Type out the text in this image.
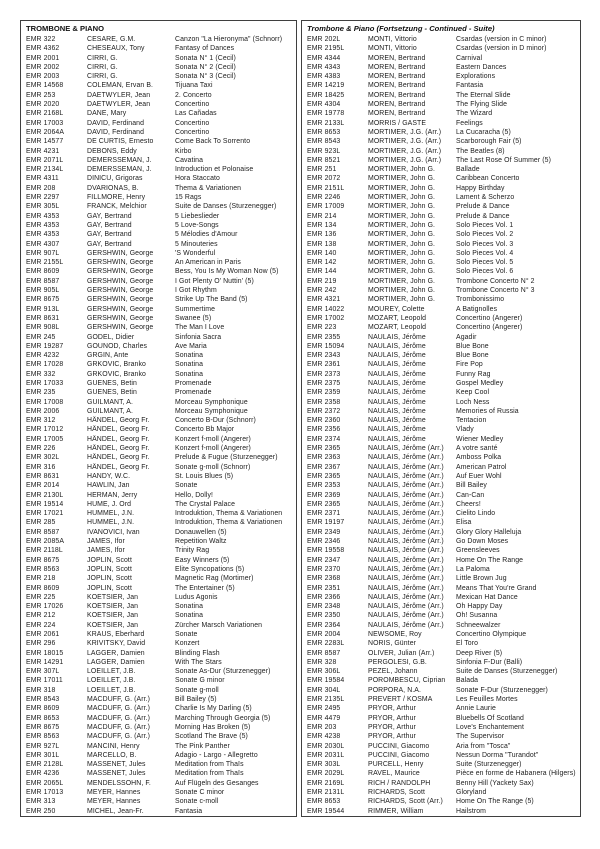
TROMBONE & PIANO
EMR 322	CESARE, G.M.	Canzon "La Hieronyma" (Schnorr)
EMR 4362	CHESEAUX, Tony	Fantasy of Dances
EMR 2001	CIRRI, G.	Sonata N° 1 (Cecil)
EMR 2002	CIRRI, G.	Sonata N° 2 (Cecil)
EMR 2003	CIRRI, G.	Sonata N° 3 (Cecil)
EMR 14568	COLEMAN, Ervan B.	Tijuana Taxi
EMR 253	DAETWYLER, Jean	2. Concerto
EMR 2020	DAETWYLER, Jean	Concertino
EMR 2168L	DANE, Mary	Las Cañadas
EMR 17003	DAVID, Ferdinand	Concertino
EMR 2064A	DAVID, Ferdinand	Concertino
EMR 14577	DE CURTIS, Ernesto	Come Back To Sorrento
EMR 4231	DEBONS, Eddy	Kirbo
EMR 2071L	DEMERSSEMAN, J.	Cavatina
EMR 2134L	DEMERSSEMAN, J.	Introduction et Polonaise
EMR 4311	DINICU, Grigoras	Hora Staccato
EMR 208	DVARIONAS, B.	Thema & Variationen
EMR 2297	FILLMORE, Henry	15 Rags
EMR 305L	FRANCK, Melchior	Suite de Danses (Sturzenegger)
EMR 4353	GAY, Bertrand	5 Liebeslieder
EMR 4353	GAY, Bertrand	5 Love-Songs
EMR 4353	GAY, Bertrand	5 Mélodies d'Amour
EMR 4307	GAY, Bertrand	5 Minouteries
EMR 907L	GERSHWIN, George	'S Wonderful
EMR 2155L	GERSHWIN, George	An American in Paris
EMR 8609	GERSHWIN, George	Bess, You Is My Woman Now (5)
EMR 8587	GERSHWIN, George	I Got Plenty O' Nuttin' (5)
EMR 905L	GERSHWIN, George	I Got Rhythm
EMR 8675	GERSHWIN, George	Strike Up The Band (5)
EMR 913L	GERSHWIN, George	Summertime
EMR 8631	GERSHWIN, George	Swanee (5)
EMR 908L	GERSHWIN, George	The Man I Love
EMR 245	GODEL, Didier	Sinfonia Sacra
EMR 19287	GOUNOD, Charles	Ave Maria
EMR 4232	GRGIN, Ante	Sonatina
EMR 17028	GRKOVIC, Branko	Sonatina
EMR 332	GRKOVIC, Branko	Sonatina
EMR 17033	GUENES, Betin	Promenade
EMR 235	GUENES, Betin	Promenade
EMR 17008	GUILMANT, A.	Morceau Symphonique
EMR 2006	GUILMANT, A.	Morceau Symphonique
EMR 312	HÄNDEL, Georg Fr.	Concerto B-Dur (Schnorr)
EMR 17012	HÄNDEL, Georg Fr.	Concerto Bb Major
EMR 17005	HÄNDEL, Georg Fr.	Konzert f-moll (Angerer)
EMR 226	HÄNDEL, Georg Fr.	Konzert f-moll (Angerer)
EMR 302L	HÄNDEL, Georg Fr.	Prelude & Fugue (Sturzenegger)
EMR 316	HÄNDEL, Georg Fr.	Sonate g-moll (Schnorr)
EMR 8631	HANDY, W.C.	St. Louis Blues (5)
EMR 2014	HAWLIN, Jan	Sonate
EMR 2130L	HERMAN, Jerry	Hello, Dolly!
EMR 19514	HUME, J. Ord	The Crystal Palace
EMR 17021	HUMMEL, J.N.	Introduktion, Thema & Variationen
EMR 285	HUMMEL, J.N.	Introduktion, Thema & Variationen
EMR 8587	IVANOVICI, Ivan	Donauwellen (5)
EMR 2085A	JAMES, Ifor	Repetition Waltz
EMR 2118L	JAMES, Ifor	Trinity Rag
EMR 8675	JOPLIN, Scott	Easy Winners (5)
EMR 8563	JOPLIN, Scott	Elite Syncopations (5)
EMR 218	JOPLIN, Scott	Magnetic Rag (Mortimer)
EMR 8609	JOPLIN, Scott	The Entertainer (5)
EMR 225	KOETSIER, Jan	Ludus Agonis
EMR 17026	KOETSIER, Jan	Sonatina
EMR 212	KOETSIER, Jan	Sonatina
EMR 224	KOETSIER, Jan	Zürcher Marsch Variationen
EMR 2061	KRAUS, Eberhard	Sonate
EMR 296	KRIVITSKY, David	Konzert
EMR 18015	LAGGER, Damien	Blinding Flash
EMR 14291	LAGGER, Damien	With The Stars
EMR 307L	LOEILLET, J.B.	Sonate As-Dur (Sturzenegger)
EMR 17011	LOEILLET, J.B.	Sonate G minor
EMR 318	LOEILLET, J.B.	Sonate g-moll
EMR 8543	MACDUFF, G. (Arr.)	Bill Bailey (5)
EMR 8609	MACDUFF, G. (Arr.)	Charlie Is My Darling (5)
EMR 8653	MACDUFF, G. (Arr.)	Marching Through Georgia (5)
EMR 8675	MACDUFF, G. (Arr.)	Morning Has Broken (5)
EMR 8563	MACDUFF, G. (Arr.)	Scotland The Brave (5)
EMR 927L	MANCINI, Henry	The Pink Panther
EMR 301L	MARCELLO, B.	Adagio - Largo - Allegretto
EMR 2128L	MASSENET, Jules	Meditation from Thaïs
EMR 4236	MASSENET, Jules	Meditation from Thaïs
EMR 2065L	MENDELSSOHN, F.	Auf Flügeln des Gesanges
EMR 17013	MEYER, Hannes	Sonate C minor
EMR 313	MEYER, Hannes	Sonate c-moll
EMR 250	MICHEL, Jean-Fr.	Fantasia
Trombone & Piano (Fortsetzung - Continued - Suite)
EMR 202L	MONTI, Vittorio	Csardas (version in C minor)
EMR 2195L	MONTI, Vittorio	Csardas (version in D minor)
EMR 4344	MOREN, Bertrand	Carnival
EMR 4343	MOREN, Bertrand	Eastern Dances
EMR 4383	MOREN, Bertrand	Explorations
EMR 14219	MOREN, Bertrand	Fantasia
EMR 18425	MOREN, Bertrand	The Eternal Slide
EMR 4304	MOREN, Bertrand	The Flying Slide
EMR 19778	MOREN, Bertrand	The Wizard
EMR 2133L	MORRIS / GASTE	Feelings
EMR 8653	MORTIMER, J.G. (Arr.)	La Cucaracha (5)
EMR 8543	MORTIMER, J.G. (Arr.)	Scarborough Fair (5)
EMR 923L	MORTIMER, J.G. (Arr.)	The Beatles (8)
EMR 8521	MORTIMER, J.G. (Arr.)	The Last Rose Of Summer (5)
EMR 251	MORTIMER, John G.	Ballade
EMR 2072	MORTIMER, John G.	Caribbean Concerto
EMR 2151L	MORTIMER, John G.	Happy Birthday
EMR 2246	MORTIMER, John G.	Lament & Scherzo
EMR 17009	MORTIMER, John G.	Prelude & Dance
EMR 214	MORTIMER, John G.	Prelude & Dance
EMR 134	MORTIMER, John G.	Solo Pieces Vol. 1
EMR 136	MORTIMER, John G.	Solo Pieces Vol. 2
EMR 138	MORTIMER, John G.	Solo Pieces Vol. 3
EMR 140	MORTIMER, John G.	Solo Pieces Vol. 4
EMR 142	MORTIMER, John G.	Solo Pieces Vol. 5
EMR 144	MORTIMER, John G.	Solo Pieces Vol. 6
EMR 219	MORTIMER, John G.	Trombone Concerto N° 2
EMR 242	MORTIMER, John G.	Trombone Concerto N° 3
EMR 4321	MORTIMER, John G.	Trombonissimo
EMR 14022	MOUREY, Colette	A Batignolles
EMR 17002	MOZART, Leopold	Concertino (Angerer)
EMR 223	MOZART, Leopold	Concertino (Angerer)
EMR 2355	NAULAIS, Jérôme	Agadir
EMR 15094	NAULAIS, Jérôme	Blue Bone
EMR 2343	NAULAIS, Jérôme	Blue Bone
EMR 2361	NAULAIS, Jérôme	Fire Pop
EMR 2373	NAULAIS, Jérôme	Funny Rag
EMR 2375	NAULAIS, Jérôme	Gospel Medley
EMR 2359	NAULAIS, Jérôme	Keep Cool
EMR 2358	NAULAIS, Jérôme	Loch Ness
EMR 2372	NAULAIS, Jérôme	Memories of Russia
EMR 2360	NAULAIS, Jérôme	Tentacion
EMR 2356	NAULAIS, Jérôme	Vlady
EMR 2374	NAULAIS, Jérôme	Wiener Medley
EMR 2365	NAULAIS, Jérôme (Arr.)	A votre santé
EMR 2363	NAULAIS, Jérôme (Arr.)	Amboss Polka
EMR 2367	NAULAIS, Jérôme (Arr.)	American Patrol
EMR 2365	NAULAIS, Jérôme (Arr.)	Auf Euer Wohl
EMR 2353	NAULAIS, Jérôme (Arr.)	Bill Bailey
EMR 2369	NAULAIS, Jérôme (Arr.)	Can-Can
EMR 2365	NAULAIS, Jérôme (Arr.)	Cheers!
EMR 2371	NAULAIS, Jérôme (Arr.)	Cielito Lindo
EMR 19197	NAULAIS, Jérôme (Arr.)	Elisa
EMR 2349	NAULAIS, Jérôme (Arr.)	Glory Glory Halleluja
EMR 2346	NAULAIS, Jérôme (Arr.)	Go Down Moses
EMR 19558	NAULAIS, Jérôme (Arr.)	Greensleeves
EMR 2347	NAULAIS, Jérôme (Arr.)	Home On The Range
EMR 2370	NAULAIS, Jérôme (Arr.)	La Paloma
EMR 2368	NAULAIS, Jérôme (Arr.)	Little Brown Jug
EMR 2351	NAULAIS, Jérôme (Arr.)	Means That You're Grand
EMR 2366	NAULAIS, Jérôme (Arr.)	Mexican Hat Dance
EMR 2348	NAULAIS, Jérôme (Arr.)	Oh Happy Day
EMR 2350	NAULAIS, Jérôme (Arr.)	Oh! Susanna
EMR 2364	NAULAIS, Jérôme (Arr.)	Schneewalzer
EMR 2004	NEWSOME, Roy	Concertino Olympique
EMR 2283L	NORIS, Günter	El Toro
EMR 8587	OLIVER, Julian (Arr.)	Deep River (5)
EMR 328	PERGOLESI, G.B.	Sinfonia F-Dur (Balli)
EMR 306L	PEZEL, Johann	Suite de Danses (Sturzenegger)
EMR 19584	POROMBESCU, Ciprian	Balada
EMR 304L	PORPORA, N.A.	Sonate F-Dur (Sturzenegger)
EMR 2135L	PREVERT / KOSMA	Les Feuilles Mortes
EMR 2495	PRYOR, Arthur	Annie Laurie
EMR 4479	PRYOR, Arthur	Bluebells Of Scotland
EMR 203	PRYOR, Arthur	Love's Enchantement
EMR 4238	PRYOR, Arthur	The Supervisor
EMR 2030L	PUCCINI, Giacomo	Aria from "Tosca"
EMR 2031L	PUCCINI, Giacomo	Nessun Dorma "Turandot"
EMR 303L	PURCELL, Henry	Suite (Sturzenegger)
EMR 2029L	RAVEL, Maurice	Pièce en forme de Habanera (Hilgers)
EMR 2169L	RICH / RANDOLPH	Benny Hill (Yackety Sax)
EMR 2131L	RICHARDS, Scott	Gloryland
EMR 8653	RICHARDS, Scott (Arr.)	Home On The Range (5)
EMR 19544	RIMMER, William	Hailstrom
